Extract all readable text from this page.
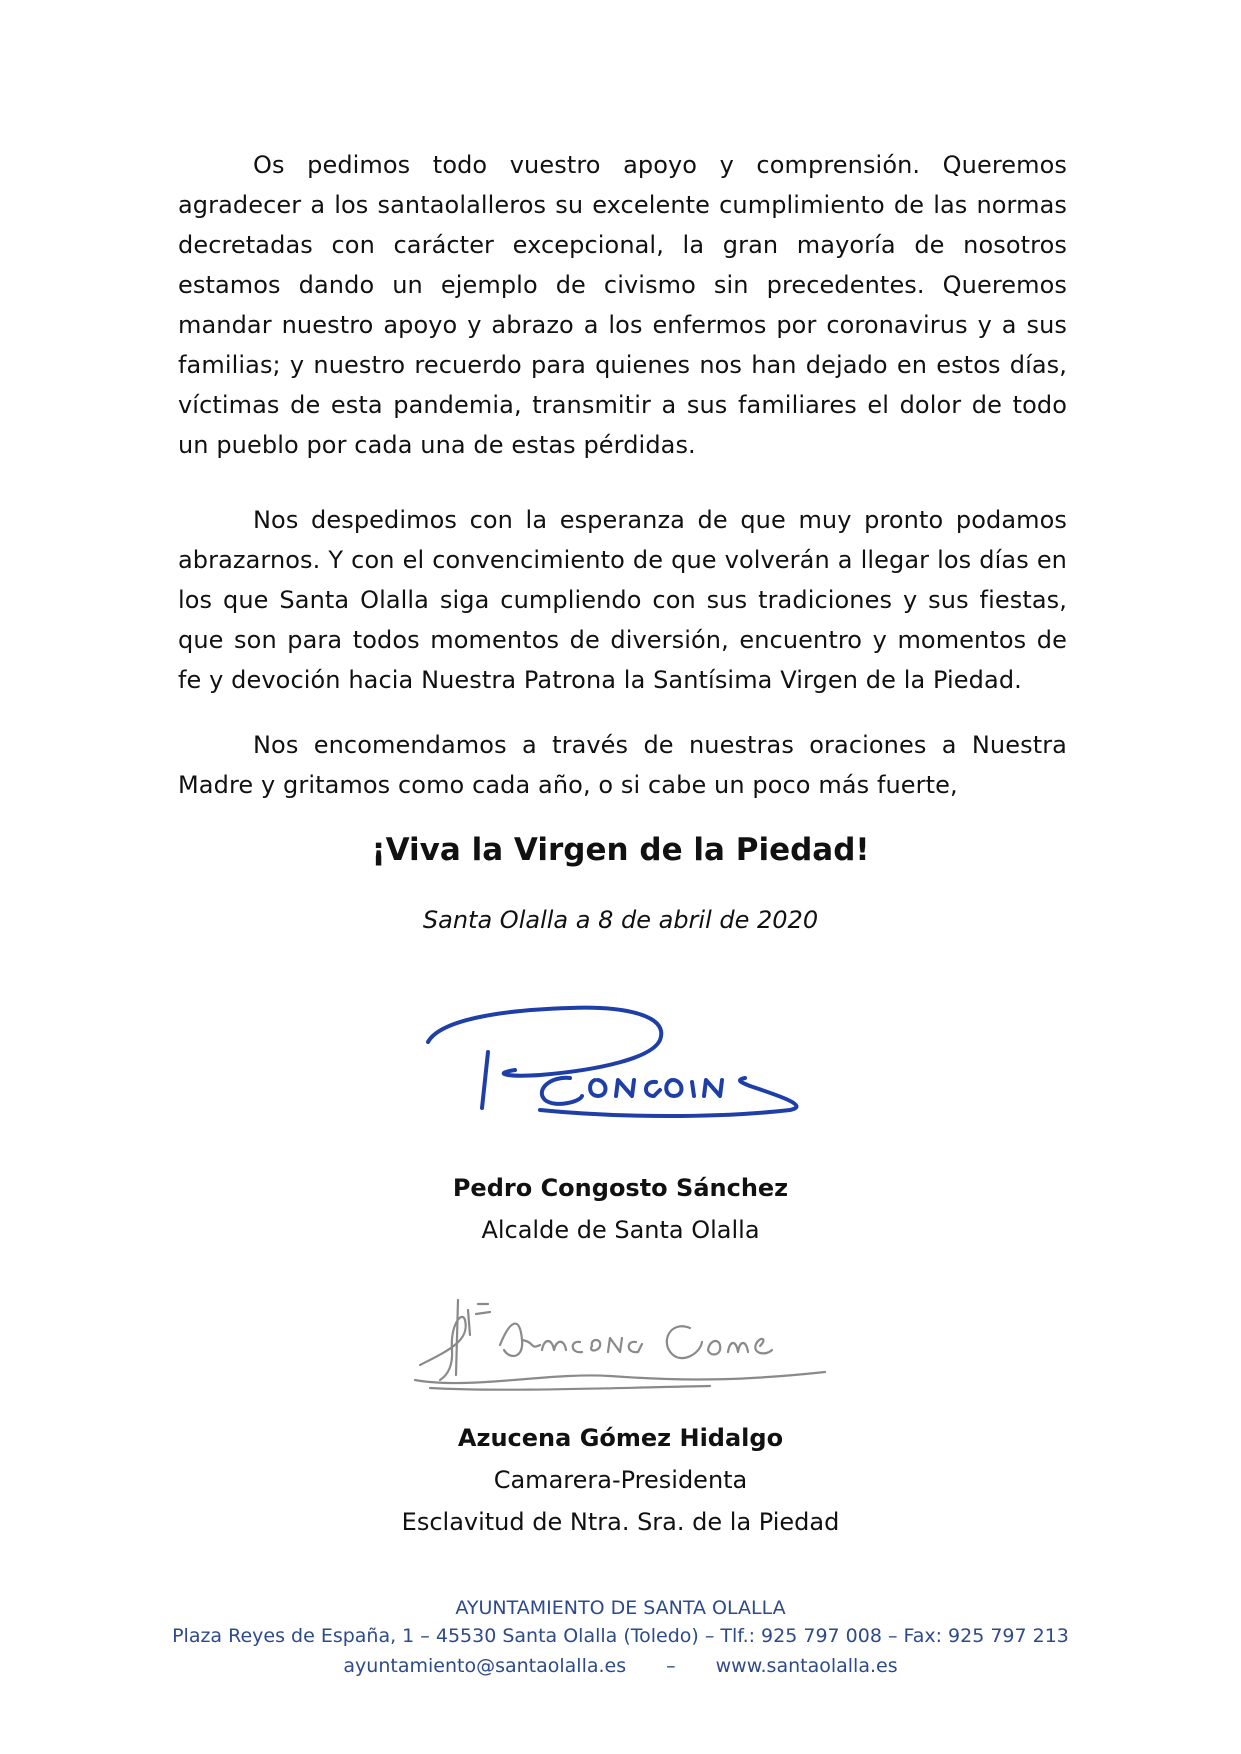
Os pedimos todo vuestro apoyo y comprensión. Queremos agradecer a los santaolalleros su excelente cumplimiento de las normas decretadas con carácter excepcional, la gran mayoría de nosotros estamos dando un ejemplo de civismo sin precedentes. Queremos mandar nuestro apoyo y abrazo a los enfermos por coronavirus y a sus familias; y nuestro recuerdo para quienes nos han dejado en estos días, víctimas de esta pandemia, transmitir a sus familiares el dolor de todo un pueblo por cada una de estas pérdidas.

Nos despedimos con la esperanza de que muy pronto podamos abrazarnos. Y con el convencimiento de que volverán a llegar los días en los que Santa Olalla siga cumpliendo con sus tradiciones y sus fiestas, que son para todos momentos de diversión, encuentro y momentos de fe y devoción hacia Nuestra Patrona la Santísima Virgen de la Piedad.

Nos encomendamos a través de nuestras oraciones a Nuestra Madre y gritamos como cada año, o si cabe un poco más fuerte,

¡Viva la Virgen de la Piedad!

Santa Olalla a 8 de abril de 2020

Pedro Congosto Sánchez

Alcalde de Santa Olalla

Azucena Gómez Hidalgo

Camarera-Presidenta

Esclavitud de Ntra. Sra. de la Piedad

AYUNTAMIENTO DE SANTA OLALLA

Plaza Reyes de España, 1 – 45530 Santa Olalla (Toledo) – Tlf.: 925 797 008 – Fax: 925 797 213

ayuntamiento@santaolalla.es – www.santaolalla.es
